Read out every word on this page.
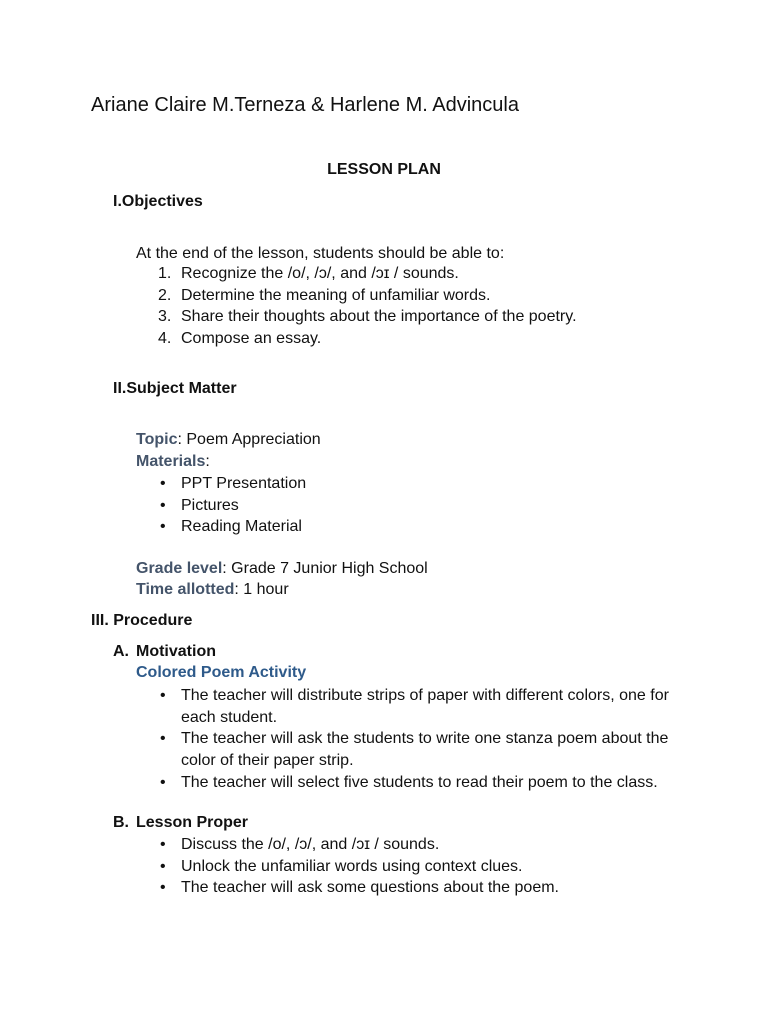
Ariane Claire M.Terneza & Harlene M. Advincula
LESSON PLAN
I.Objectives
At the end of the lesson, students should be able to:
1. Recognize the /o/, /ɔ/, and /ɔɪ / sounds.
2. Determine the meaning of unfamiliar words.
3. Share their thoughts about the importance of the poetry.
4. Compose an essay.
II.Subject Matter
Topic: Poem Appreciation
Materials:
• PPT Presentation
• Pictures
• Reading Material
Grade level: Grade 7 Junior High School
Time allotted: 1 hour
III. Procedure
A. Motivation
Colored Poem Activity
• The teacher will distribute strips of paper with different colors, one for each student.
• The teacher will ask the students to write one stanza poem about the color of their paper strip.
• The teacher will select five students to read their poem to the class.
B. Lesson Proper
• Discuss the /o/, /ɔ/, and /ɔɪ / sounds.
• Unlock the unfamiliar words using context clues.
• The teacher will ask some questions about the poem.
